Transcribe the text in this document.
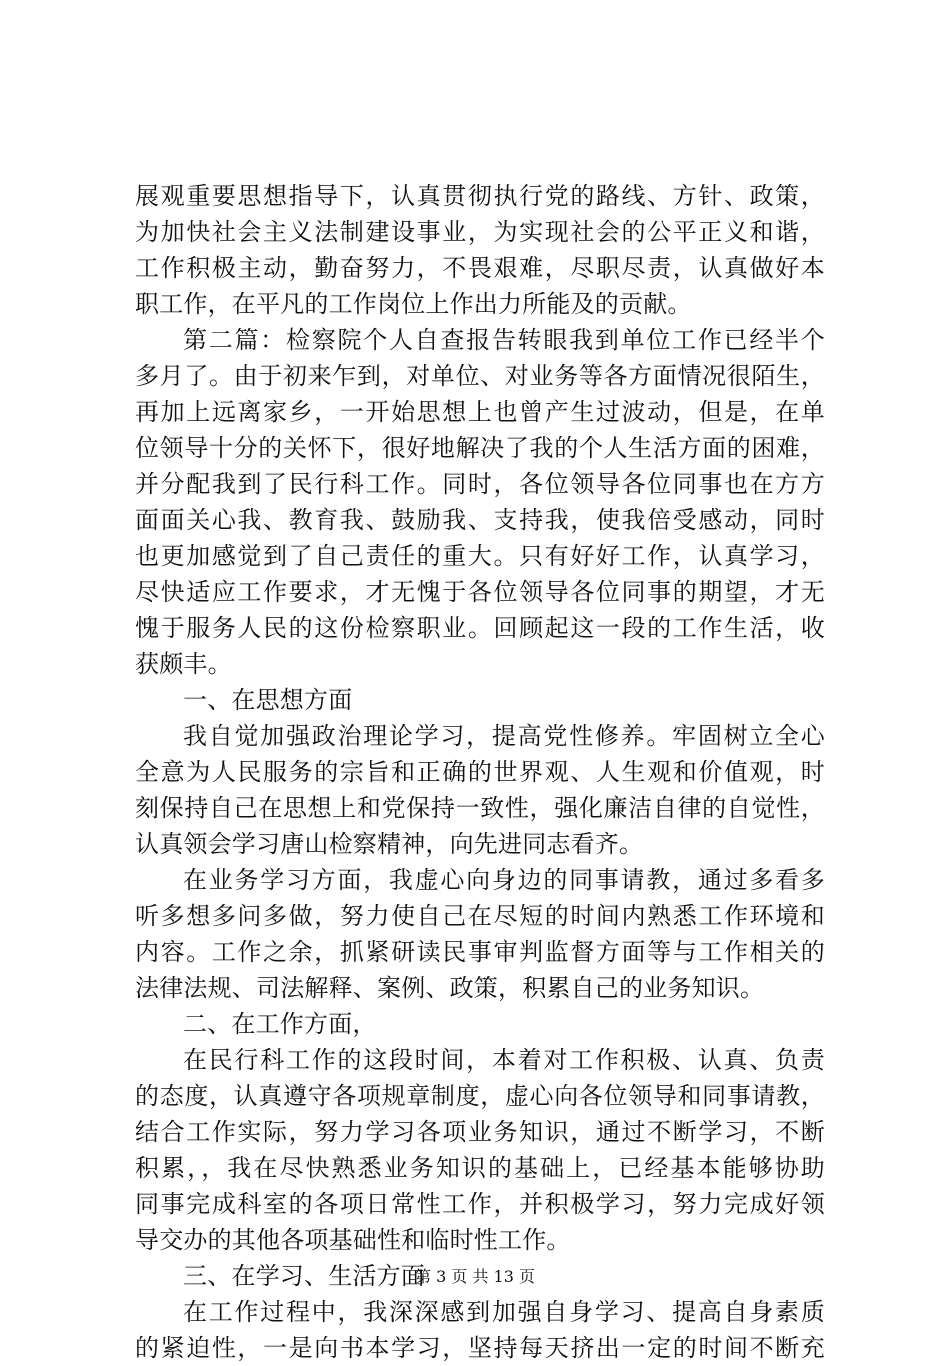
展观重要思想指导下，认真贯彻执行党的路线、方针、政策，
为加快社会主义法制建设事业，为实现社会的公平正义和谐，
工作积极主动，勤奋努力，不畏艰难，尽职尽责，认真做好本
职工作，在平凡的工作岗位上作出力所能及的贡献。
第二篇：检察院个人自查报告转眼我到单位工作已经半个
多月了。由于初来乍到，对单位、对业务等各方面情况很陌生，
再加上远离家乡，一开始思想上也曾产生过波动，但是，在单
位领导十分的关怀下，很好地解决了我的个人生活方面的困难，
并分配我到了民行科工作。同时，各位领导各位同事也在方方
面面关心我、教育我、鼓励我、支持我，使我倍受感动，同时
也更加感觉到了自己责任的重大。只有好好工作，认真学习，
尽快适应工作要求，才无愧于各位领导各位同事的期望，才无
愧于服务人民的这份检察职业。回顾起这一段的工作生活，收
获颇丰。
一、在思想方面
我自觉加强政治理论学习，提高党性修养。牢固树立全心
全意为人民服务的宗旨和正确的世界观、人生观和价值观，时
刻保持自己在思想上和党保持一致性，强化廉洁自律的自觉性，
认真领会学习唐山检察精神，向先进同志看齐。
在业务学习方面，我虚心向身边的同事请教，通过多看多
听多想多问多做，努力使自己在尽短的时间内熟悉工作环境和
内容。工作之余，抓紧研读民事审判监督方面等与工作相关的
法律法规、司法解释、案例、政策，积累自己的业务知识。
二、在工作方面，
在民行科工作的这段时间，本着对工作积极、认真、负责
的态度，认真遵守各项规章制度，虚心向各位领导和同事请教，
结合工作实际，努力学习各项业务知识，通过不断学习，不断
积累，，我在尽快熟悉业务知识的基础上，已经基本能够协助
同事完成科室的各项日常性工作，并积极学习，努力完成好领
导交办的其他各项基础性和临时性工作。
三、在学习、生活方面
在工作过程中，我深深感到加强自身学习、提高自身素质
的紧迫性，一是向书本学习，坚持每天挤出一定的时间不断充
第 3 页 共 13 页
